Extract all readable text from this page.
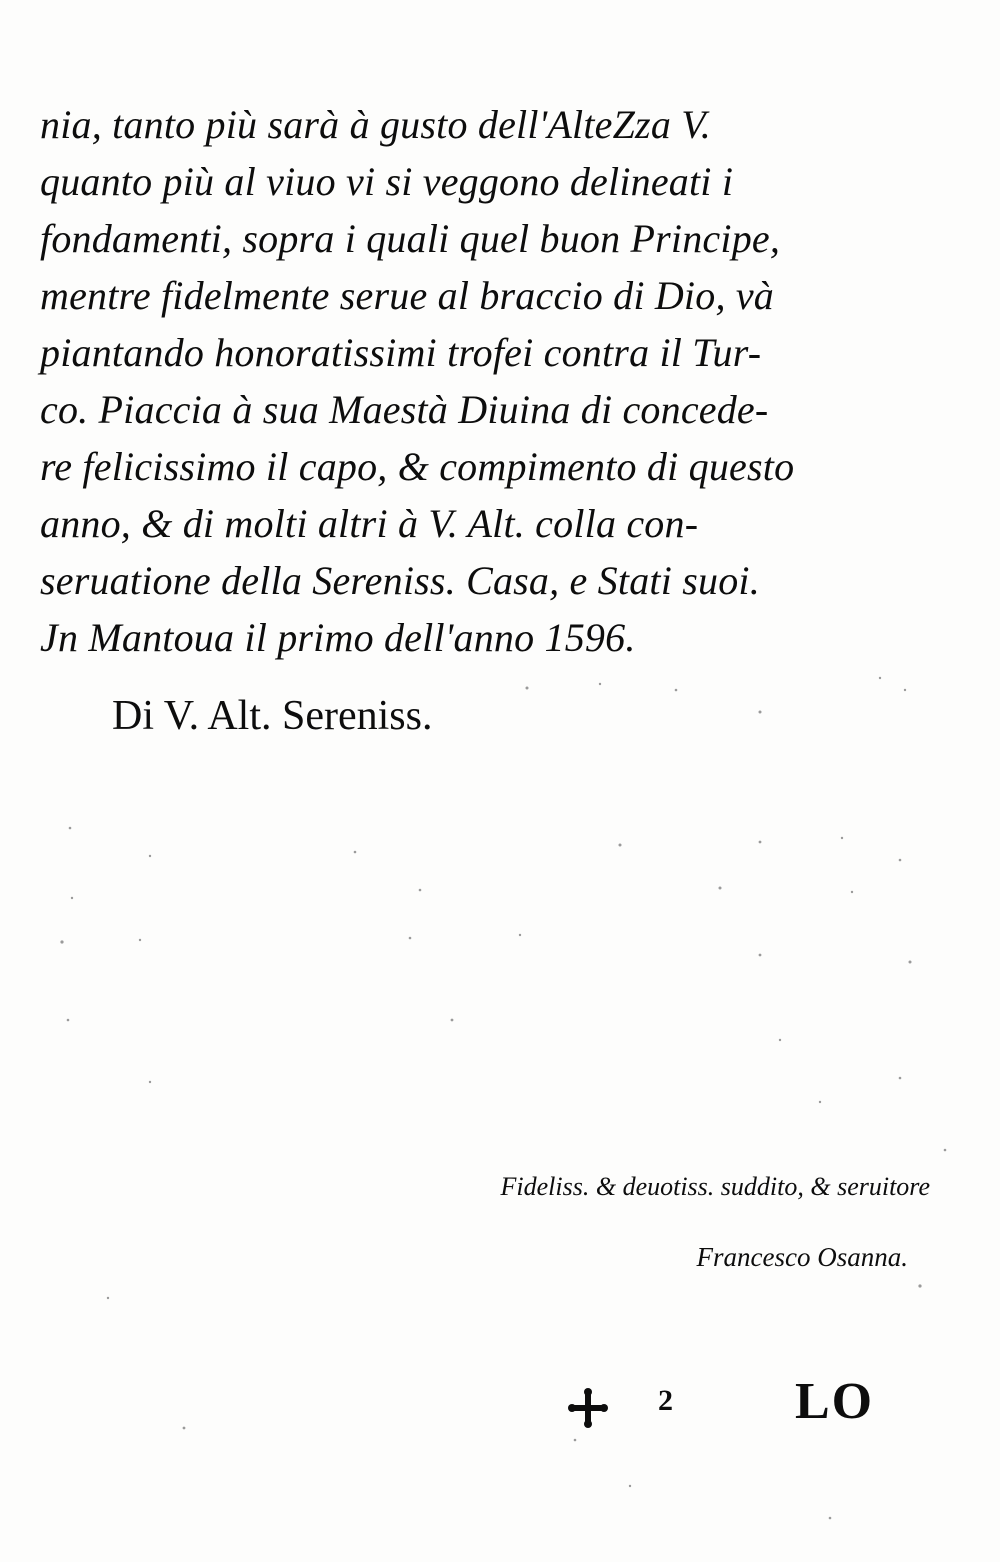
nia, tanto più sarà à gusto dell'AlteZza V.
quanto più al viuo vi si veggono delineati i
fondamenti, sopra i quali quel buon Principe,
mentre fidelmente serue al braccio di Dio, và
piantando honoratissimi trofei contra il Tur-
co. Piaccia à sua Maestà Diuina di concede-
re felicissimo il capo, & compimento di questo
anno, & di molti altri à V. Alt. colla con-
seruatione della Sereniss. Casa, e Stati suoi.
Jn Mantoua il primo dell'anno 1596.
Di V. Alt. Sereniss.
Fideliss. & deuotiss. suddito, & seruitore
Francesco Osanna.
2 LO
